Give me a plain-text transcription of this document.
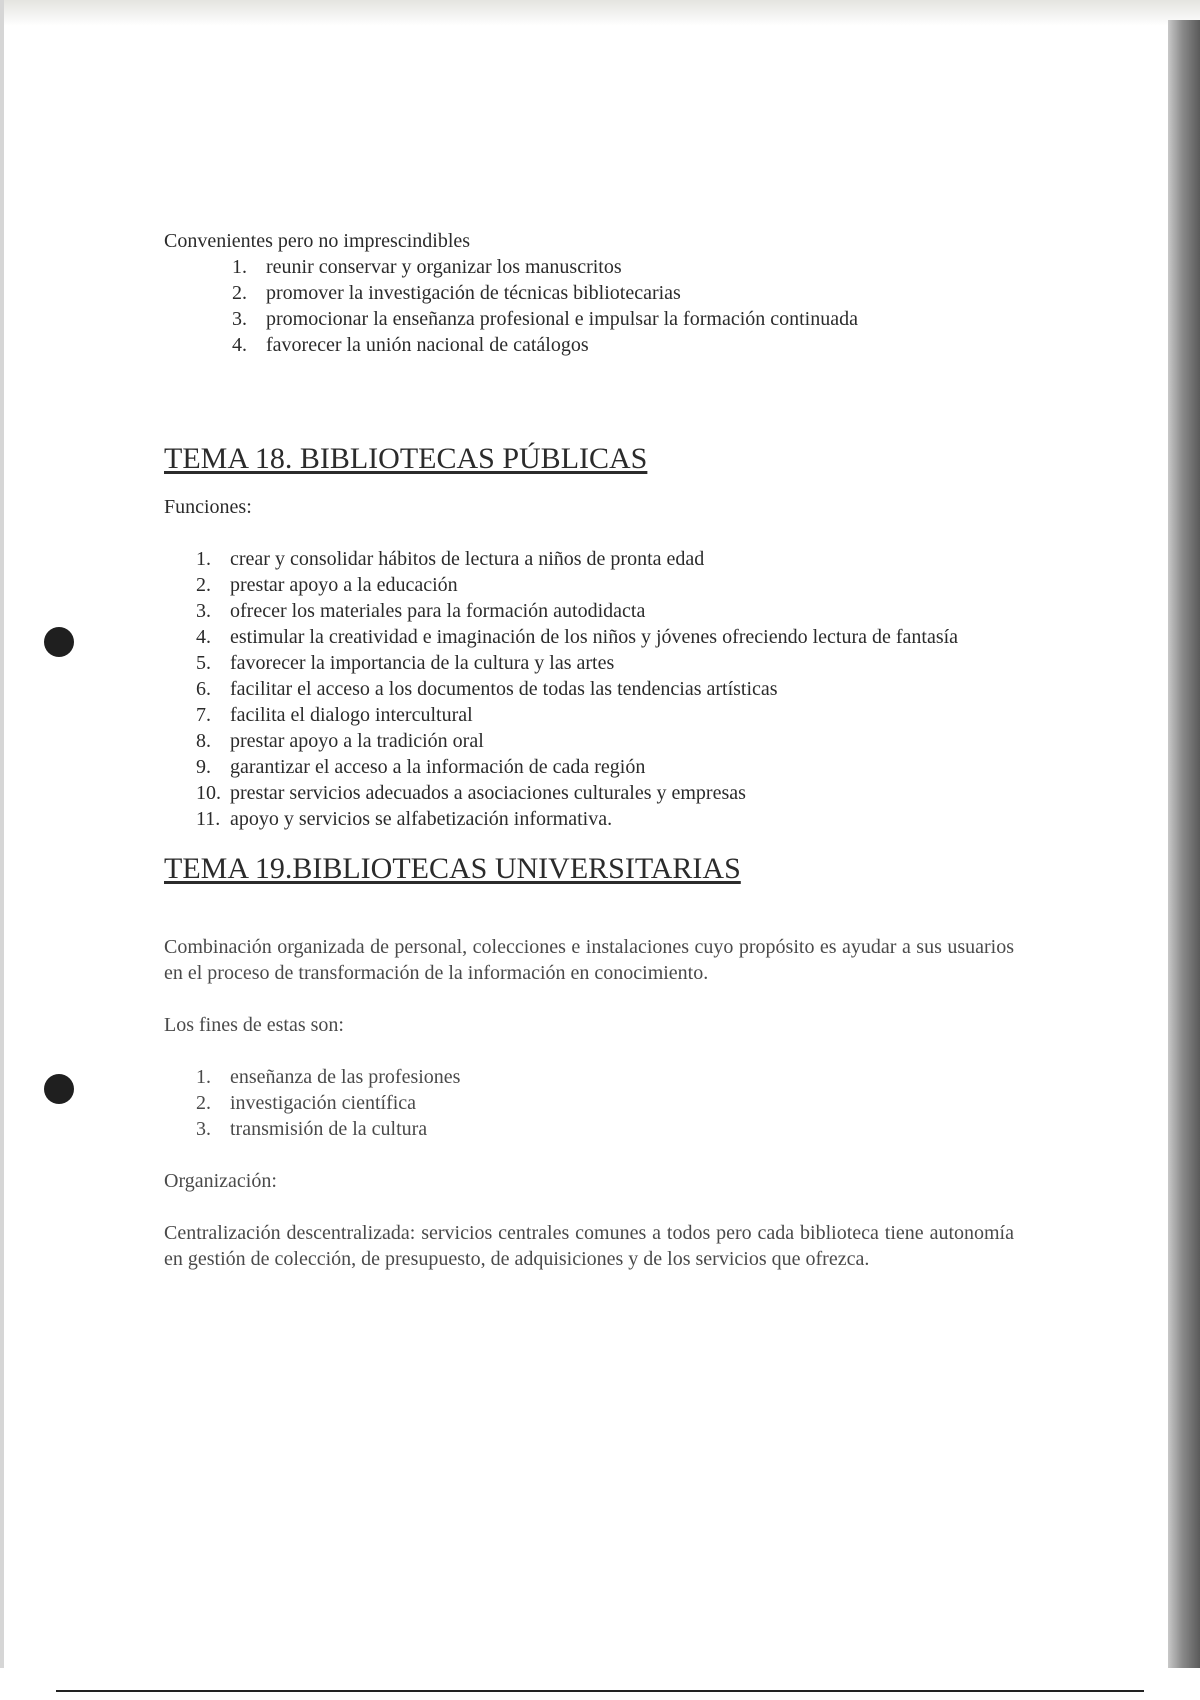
Convenientes pero no imprescindibles

1. reunir conservar y organizar los manuscritos
2. promover la investigación de técnicas bibliotecarias
3. promocionar la enseñanza profesional e impulsar la formación continuada
4. favorecer la unión nacional de catálogos
TEMA 18. BIBLIOTECAS PÚBLICAS

Funciones:

1. crear y consolidar hábitos de lectura a niños de pronta edad
2. prestar apoyo a la educación
3. ofrecer los materiales para la formación autodidacta
4. estimular la creatividad e imaginación de los niños y jóvenes ofreciendo lectura de fantasía
5. favorecer la importancia de la cultura y las artes
6. facilitar el acceso a los documentos de todas las tendencias artísticas
7. facilita el dialogo intercultural
8. prestar apoyo a la tradición oral
9. garantizar el acceso a la información de cada región
10. prestar servicios adecuados a asociaciones culturales y empresas
11. apoyo y servicios se alfabetización informativa.
TEMA 19.BIBLIOTECAS UNIVERSITARIAS

Combinación organizada de personal, colecciones e instalaciones cuyo propósito es ayudar a sus usuarios en el proceso de transformación de la información en conocimiento.

Los fines de estas son:

1. enseñanza de las profesiones
2. investigación científica
3. transmisión de la cultura

Organización:

Centralización descentralizada: servicios centrales comunes a todos pero cada biblioteca tiene autonomía en gestión de colección, de presupuesto, de adquisiciones y de los servicios que ofrezca.
